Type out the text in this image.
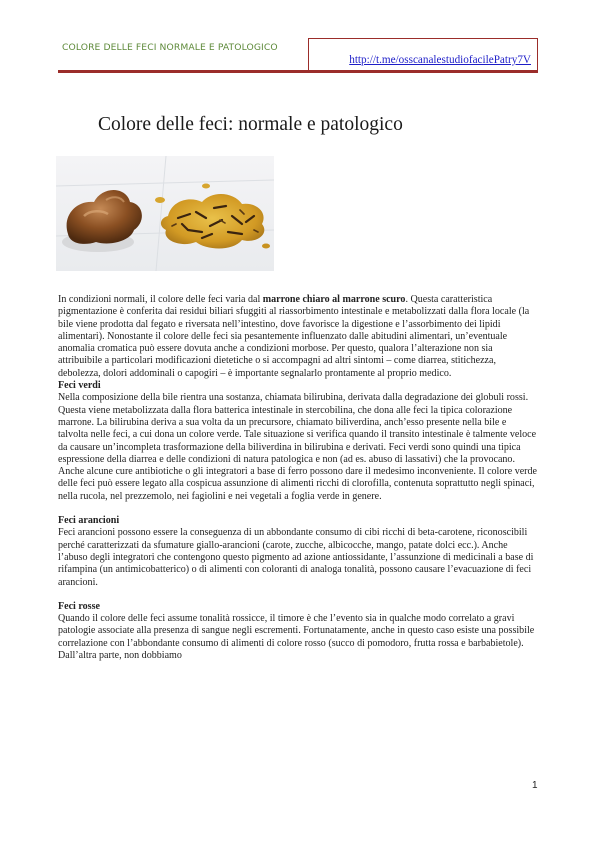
COLORE DELLE FECI NORMALE E PATOLOGICO
http://t.me/osscanalestudiofacilePatry7V
Colore delle feci: normale e patologico

In condizioni normali, il colore delle feci varia dal marrone chiaro al marrone scuro. Questa caratteristica pigmentazione è conferita dai residui biliari sfuggiti al riassorbimento intestinale e metabolizzati dalla flora locale (la bile viene prodotta dal fegato e riversata nell’intestino, dove favorisce la digestione e l’assorbimento dei lipidi alimentari). Nonostante il colore delle feci sia pesantemente influenzato dalle abitudini alimentari, un’eventuale anomalia cromatica può essere dovuta anche a condizioni morbose. Per questo, qualora l’alterazione non sia attribuibile a particolari modificazioni dietetiche o si accompagni ad altri sintomi – come diarrea, stitichezza, debolezza, dolori addominali o capogiri – è importante segnalarlo prontamente al proprio medico.

Feci verdi

Nella composizione della bile rientra una sostanza, chiamata bilirubina, derivata dalla degradazione dei globuli rossi. Questa viene metabolizzata dalla flora batterica intestinale in stercobilina, che dona alle feci la tipica colorazione marrone. La bilirubina deriva a sua volta da un precursore, chiamato biliverdina, anch’esso presente nella bile e talvolta nelle feci, a cui dona un colore verde. Tale situazione si verifica quando il transito intestinale è talmente veloce da causare un’incompleta trasformazione della biliverdina in bilirubina e derivati. Feci verdi sono quindi una tipica espressione della diarrea e delle condizioni di natura patologica e non (ad es. abuso di lassativi) che la provocano. Anche alcune cure antibiotiche o gli integratori a base di ferro possono dare il medesimo inconveniente. Il colore verde delle feci può essere legato alla cospicua assunzione di alimenti ricchi di clorofilla, contenuta soprattutto negli spinaci, nella rucola, nel prezzemolo, nei fagiolini e nei vegetali a foglia verde in genere.

Feci arancioni

Feci arancioni possono essere la conseguenza di un abbondante consumo di cibi ricchi di beta-carotene, riconoscibili perché caratterizzati da sfumature giallo-arancioni (carote, zucche, albicocche, mango, patate dolci ecc.). Anche l’abuso degli integratori che contengono questo pigmento ad azione antiossidante, l’assunzione di medicinali a base di rifampina (un antimicobatterico) o di alimenti con coloranti di analoga tonalità, possono causare l’evacuazione di feci arancioni.

Feci rosse

Quando il colore delle feci assume tonalità rossicce, il timore è che l’evento sia in qualche modo correlato a gravi patologie associate alla presenza di sangue negli escrementi. Fortunatamente, anche in questo caso esiste una possibile correlazione con l’abbondante consumo di alimenti di colore rosso (succo di pomodoro, frutta rossa e barbabietole). Dall’altra parte, non dobbiamo

1
